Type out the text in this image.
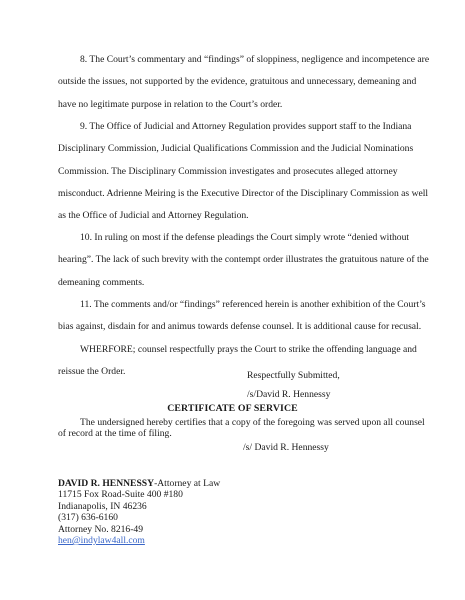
8. The Court’s commentary and “findings” of sloppiness, negligence and incompetence are
outside the issues, not supported by the evidence, gratuitous and unnecessary, demeaning and
have no legitimate purpose in relation to the Court’s order.
9. The Office of Judicial and Attorney Regulation provides support staff to the Indiana
Disciplinary Commission, Judicial Qualifications Commission and the Judicial Nominations
Commission. The Disciplinary Commission investigates and prosecutes alleged attorney
misconduct. Adrienne Meiring is the Executive Director of the Disciplinary Commission as well
as the Office of Judicial and Attorney Regulation.
10. In ruling on most if the defense pleadings the Court simply wrote “denied without
hearing”. The lack of such brevity with the contempt order illustrates the gratuitous nature of the
demeaning comments.
11. The comments and/or “findings” referenced herein is another exhibition of the Court’s
bias against, disdain for and animus towards defense counsel. It is additional cause for recusal.
WHERFORE; counsel respectfully prays the Court to strike the offending language and
reissue the Order.	Respectfully Submitted,
/s/David R. Hennessy
CERTIFICATE OF SERVICE
The undersigned hereby certifies that a copy of the foregoing was served upon all counsel
of record at the time of filing.
/s/ David R. Hennessy
DAVID R. HENNESSY-Attorney at Law
11715 Fox Road-Suite 400 #180
Indianapolis, IN 46236
(317) 636-6160
Attorney No. 8216-49
hen@indylaw4all.com
